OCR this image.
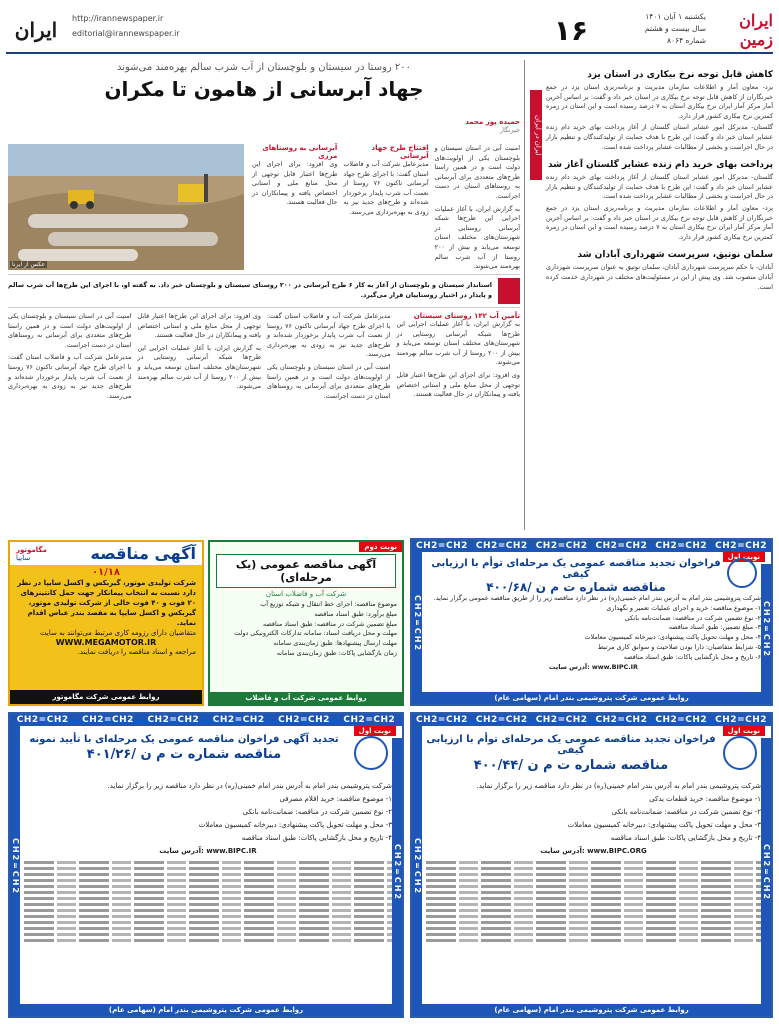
ایران http://irannewspaper.ir
editorial@irannewspaper.ir
یکشنبه ۱ آبان ۱۴۰۱
سال بیست و هشتم
شماره ۸۰۶۴
۱۶	ایران زمین
۲۰۰ روستا در سیستان و بلوچستان از آب شرب سالم بهره‌مند می‌شوند
جهاد آبرسانی از هامون تا مکران
حمیده پور محمد
خبرنگار

امنیت آبی در استان سیستان و بلوچستان یکی از اولویت‌های دولت است و در همین راستا طرح‌های متعددی برای آبرسانی به روستاهای استان در دست اجراست.

به گزارش ایران، با آغاز عملیات اجرایی این طرح‌ها شبکه آبرسانی روستایی در شهرستان‌های مختلف استان توسعه می‌یابد و بیش از ۲۰۰ روستا از آب شرب سالم بهره‌مند می‌شوند.

افتتاح طرح جهاد آبرسانی

مدیرعامل شرکت آب و فاضلاب استان گفت: با اجرای طرح جهاد آبرسانی تاکنون ۷۶ روستا از نعمت آب شرب پایدار برخوردار شده‌اند و طرح‌های جدید نیز به زودی به بهره‌برداری می‌رسند.

آبرسانی به روستاهای مرزی

وی افزود: برای اجرای این طرح‌ها اعتبار قابل توجهی از محل منابع ملی و استانی اختصاص یافته و پیمانکاران در حال فعالیت هستند.

عکس از ایرنا

استاندار سیستان و بلوچستان از آغاز به کار ۶ طرح آبرسانی در ۲۰۰ روستای سیستان و بلوچستان خبر داد. به گفته او، با اجرای این طرح‌ها آب شرب سالم و پایدار در اختیار روستاییان قرار می‌گیرد.

تأمین آب ۱۴۲ روستای سیستان

به گزارش ایران، با آغاز عملیات اجرایی این طرح‌ها شبکه آبرسانی روستایی در شهرستان‌های مختلف استان توسعه می‌یابد و بیش از ۲۰۰ روستا از آب شرب سالم بهره‌مند می‌شوند.

وی افزود: برای اجرای این طرح‌ها اعتبار قابل توجهی از محل منابع ملی و استانی اختصاص یافته و پیمانکاران در حال فعالیت هستند.

مدیرعامل شرکت آب و فاضلاب استان گفت: با اجرای طرح جهاد آبرسانی تاکنون ۷۶ روستا از نعمت آب شرب پایدار برخوردار شده‌اند و طرح‌های جدید نیز به زودی به بهره‌برداری می‌رسند.

امنیت آبی در استان سیستان و بلوچستان یکی از اولویت‌های دولت است و در همین راستا طرح‌های متعددی برای آبرسانی به روستاهای استان در دست اجراست.

وی افزود: برای اجرای این طرح‌ها اعتبار قابل توجهی از محل منابع ملی و استانی اختصاص یافته و پیمانکاران در حال فعالیت هستند.

به گزارش ایران، با آغاز عملیات اجرایی این طرح‌ها شبکه آبرسانی روستایی در شهرستان‌های مختلف استان توسعه می‌یابد و بیش از ۲۰۰ روستا از آب شرب سالم بهره‌مند می‌شوند.

امنیت آبی در استان سیستان و بلوچستان یکی از اولویت‌های دولت است و در همین راستا طرح‌های متعددی برای آبرسانی به روستاهای استان در دست اجراست.

مدیرعامل شرکت آب و فاضلاب استان گفت: با اجرای طرح جهاد آبرسانی تاکنون ۷۶ روستا از نعمت آب شرب پایدار برخوردار شده‌اند و طرح‌های جدید نیز به زودی به بهره‌برداری می‌رسند.

ایران در ایران
کاهش قابل توجه نرخ بیکاری در استان یزد

یزد- معاون آمار و اطلاعات سازمان مدیریت و برنامه‌ریزی استان یزد در جمع خبرنگاران از کاهش قابل توجه نرخ بیکاری در استان خبر داد و گفت: بر اساس آخرین آمار مرکز آمار ایران نرخ بیکاری استان به ۷ درصد رسیده است و این استان در زمره کمترین نرخ بیکاری کشور قرار دارد.

گلستان- مدیرکل امور عشایر استان گلستان از آغاز پرداخت بهای خرید دام زنده عشایر استان خبر داد و گفت: این طرح با هدف حمایت از تولیدکنندگان و تنظیم بازار در حال اجراست و بخشی از مطالبات عشایر پرداخت شده است.

پرداخت بهای خرید دام زنده عشایر گلستان آغاز شد

گلستان- مدیرکل امور عشایر استان گلستان از آغاز پرداخت بهای خرید دام زنده عشایر استان خبر داد و گفت: این طرح با هدف حمایت از تولیدکنندگان و تنظیم بازار در حال اجراست و بخشی از مطالبات عشایر پرداخت شده است.

یزد- معاون آمار و اطلاعات سازمان مدیریت و برنامه‌ریزی استان یزد در جمع خبرنگاران از کاهش قابل توجه نرخ بیکاری در استان خبر داد و گفت: بر اساس آخرین آمار مرکز آمار ایران نرخ بیکاری استان به ۷ درصد رسیده است و این استان در زمره کمترین نرخ بیکاری کشور قرار دارد.

سلمان نوتیق، سرپرست شهرداری آبادان شد

آبادان- با حکم سرپرست شهرداری آبادان، سلمان نوتیق به عنوان سرپرست شهرداری آبادان منصوب شد. وی پیش از این در مسئولیت‌های مختلف در شهرداری خدمت کرده است.

آگهی مناقصه
مگاموتور
سایپا
۰۱/۱۸

شرکت تولیدی موتور، گیربکس و اکسل سایپا در نظر دارد نسبت به انتخاب پیمانکار جهت حمل کانتینرهای ۲۰ فوت و ۴۰ فوت خالی از شرکت تولیدی موتور، گیربکس و اکسل سایپا به مقصد بندر عباس اقدام نماید.

متقاضیان دارای رزومه کاری مرتبط می‌توانند به سایت

WWW.MEGAMOTOR.IR

مراجعه و اسناد مناقصه را دریافت نمایند.

روابط عمومی شرکت مگاموتور
نوبت دوم
آگهی مناقصه عمومی (یک مرحله‌ای)
شرکت آب و فاضلاب استان
موضوع مناقصه: اجرای خط انتقال و شبکه توزیع آب
مبلغ برآورد: طبق اسناد مناقصه
مبلغ تضمین شرکت در مناقصه: طبق اسناد مناقصه
مهلت و محل دریافت اسناد: سامانه تدارکات الکترونیکی دولت
مهلت ارسال پیشنهادها: طبق زمان‌بندی سامانه
زمان بازگشایی پاکات: طبق زمان‌بندی سامانه
روابط عمومی شرکت آب و فاضلاب
CH2=CH2
CH2=CH2
CH2=CH2
CH2=CH2
CH2=CH2
CH2=CH2
نوبت اول
CH2=CH2	CH2=CH2
فراخوان تجدید مناقصه عمومی یک مرحله‌ای توأم با ارزیابی کیفی
مناقصه شماره ت م ن /۴۰۰/۶۸
شرکت پتروشیمی بندر امام به آدرس بندر امام خمینی(ره) در نظر دارد مناقصه زیر را از طریق مناقصه عمومی برگزار نماید.
۱- موضوع مناقصه: خرید و اجرای عملیات تعمیر و نگهداری
۲- نوع تضمین شرکت در مناقصه: ضمانت‌نامه بانکی
۳- مبلغ تضمین: طبق اسناد مناقصه
۴- محل و مهلت تحویل پاکت پیشنهادی: دبیرخانه کمیسیون معاملات
۵- شرایط متقاضیان: دارا بودن صلاحیت و سوابق کاری مرتبط
۶- تاریخ و محل بازگشایی پاکات: طبق اسناد مناقصه
آدرس سایت: www.BIPC.IR
روابط عمومی شرکت پتروشیمی بندر امام (سهامی عام)
CH2=CH2
CH2=CH2
CH2=CH2
CH2=CH2
CH2=CH2
CH2=CH2
نوبت اول
CH2=CH2	CH2=CH2
تجدید آگهی فراخوان مناقصه عمومی یک مرحله‌ای با تأیید نمونه
مناقصه شماره ت م ن /۴۰۱/۲۶
شرکت پتروشیمی بندر امام به آدرس بندر امام خمینی(ره) در نظر دارد مناقصه زیر را برگزار نماید.
۱- موضوع مناقصه: خرید اقلام مصرفی
۲- نوع تضمین شرکت در مناقصه: ضمانت‌نامه بانکی
۳- محل و مهلت تحویل پاکت پیشنهادی: دبیرخانه کمیسیون معاملات
۴- تاریخ و محل بازگشایی پاکات: طبق اسناد مناقصه
آدرس سایت: www.BIPC.IR
روابط عمومی شرکت پتروشیمی بندر امام (سهامی عام)
CH2=CH2
CH2=CH2
CH2=CH2
CH2=CH2
CH2=CH2
CH2=CH2
نوبت اول
CH2=CH2	CH2=CH2
فراخوان تجدید مناقصه عمومی یک مرحله‌ای توأم با ارزیابی کیفی
مناقصه شماره ت م ن /۴۰۰/۴۴
شرکت پتروشیمی بندر امام به آدرس بندر امام خمینی(ره) در نظر دارد مناقصه زیر را برگزار نماید.
۱- موضوع مناقصه: خرید قطعات یدکی
۲- نوع تضمین شرکت در مناقصه: ضمانت‌نامه بانکی
۳- محل و مهلت تحویل پاکت پیشنهادی: دبیرخانه کمیسیون معاملات
۴- تاریخ و محل بازگشایی پاکات: طبق اسناد مناقصه
آدرس سایت: www.BIPC.ORG
روابط عمومی شرکت پتروشیمی بندر امام (سهامی عام)
